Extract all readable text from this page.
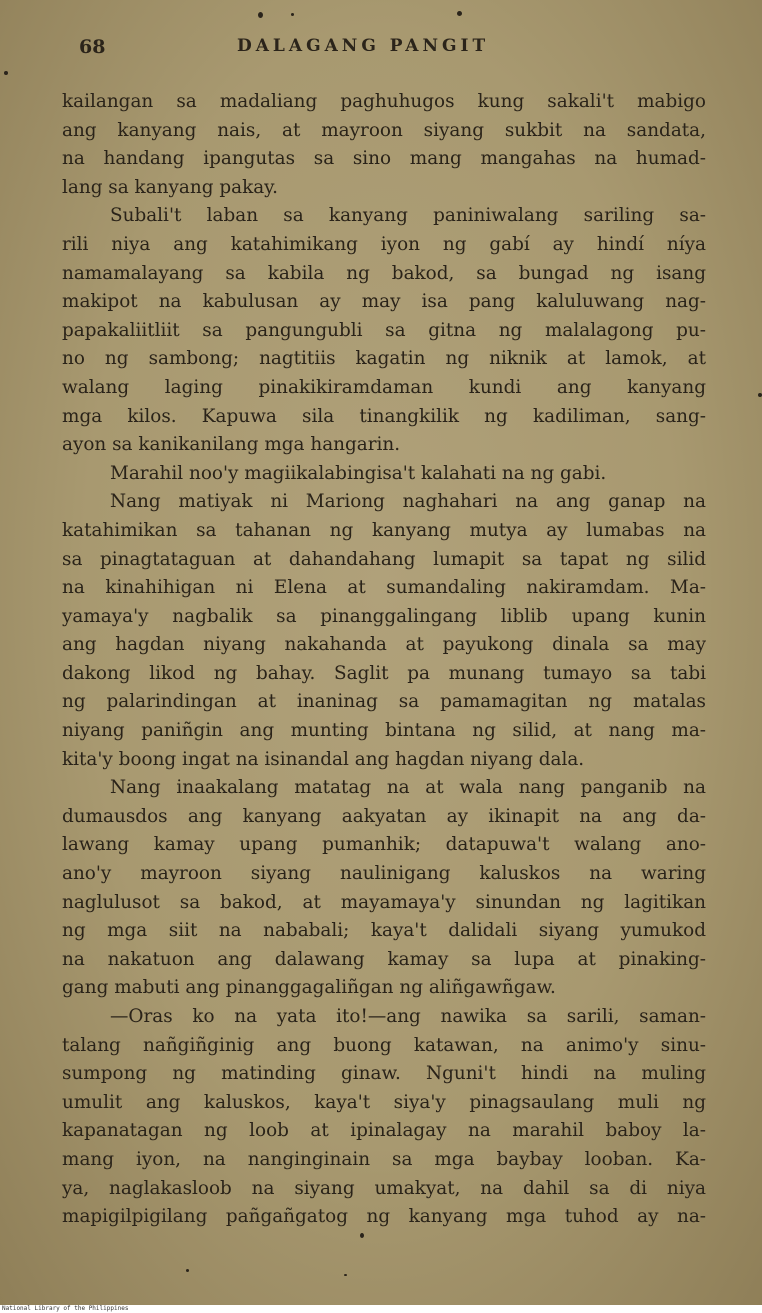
68	DALAGANG PANGIT
kailangan sa madaliang paghuhugos kung sakali't mabigo
ang kanyang nais, at mayroon siyang sukbit na sandata,
na handang ipangutas sa sino mang mangahas na humad-
lang sa kanyang pakay.
Subali't laban sa kanyang paniniwalang sariling sa-
rili niya ang katahimikang iyon ng gabí ay hindí níya
namamalayang sa kabila ng bakod, sa bungad ng isang
makipot na kabulusan ay may isa pang kaluluwang nag-
papakaliitliit sa pangungubli sa gitna ng malalagong pu-
no ng sambong; nagtitiis kagatin ng niknik at lamok, at
walang laging pinakikiramdaman kundi ang kanyang
mga kilos. Kapuwa sila tinangkilik ng kadiliman, sang-
ayon sa kanikanilang mga hangarin.
Marahil noo'y magiikalabingisa't kalahati na ng gabi.
Nang matiyak ni Mariong naghahari na ang ganap na
katahimikan sa tahanan ng kanyang mutya ay lumabas na
sa pinagtataguan at dahandahang lumapit sa tapat ng silid
na kinahihigan ni Elena at sumandaling nakiramdam. Ma-
yamaya'y nagbalik sa pinanggalingang liblib upang kunin
ang hagdan niyang nakahanda at payukong dinala sa may
dakong likod ng bahay. Saglit pa munang tumayo sa tabi
ng palarindingan at inaninag sa pamamagitan ng matalas
niyang paniñgin ang munting bintana ng silid, at nang ma-
kita'y boong ingat na isinandal ang hagdan niyang dala.
Nang inaakalang matatag na at wala nang panganib na
dumausdos ang kanyang aakyatan ay ikinapit na ang da-
lawang kamay upang pumanhik; datapuwa't walang ano-
ano'y mayroon siyang naulinigang kaluskos na waring
naglulusot sa bakod, at mayamaya'y sinundan ng lagitikan
ng mga siit na nababali; kaya't dalidali siyang yumukod
na nakatuon ang dalawang kamay sa lupa at pinaking-
gang mabuti ang pinanggagaliñgan ng aliñgawñgaw.
—Oras ko na yata ito!—ang nawika sa sarili, saman-
talang nañgiñginig ang buong katawan, na animo'y sinu-
sumpong ng matinding ginaw. Nguni't hindi na muling
umulit ang kaluskos, kaya't siya'y pinagsaulang muli ng
kapanatagan ng loob at ipinalagay na marahil baboy la-
mang iyon, na nanginginain sa mga baybay looban. Ka-
ya, naglakasloob na siyang umakyat, na dahil sa di niya
mapigilpigilang pañgañgatog ng kanyang mga tuhod ay na-
National Library of the Philippines
